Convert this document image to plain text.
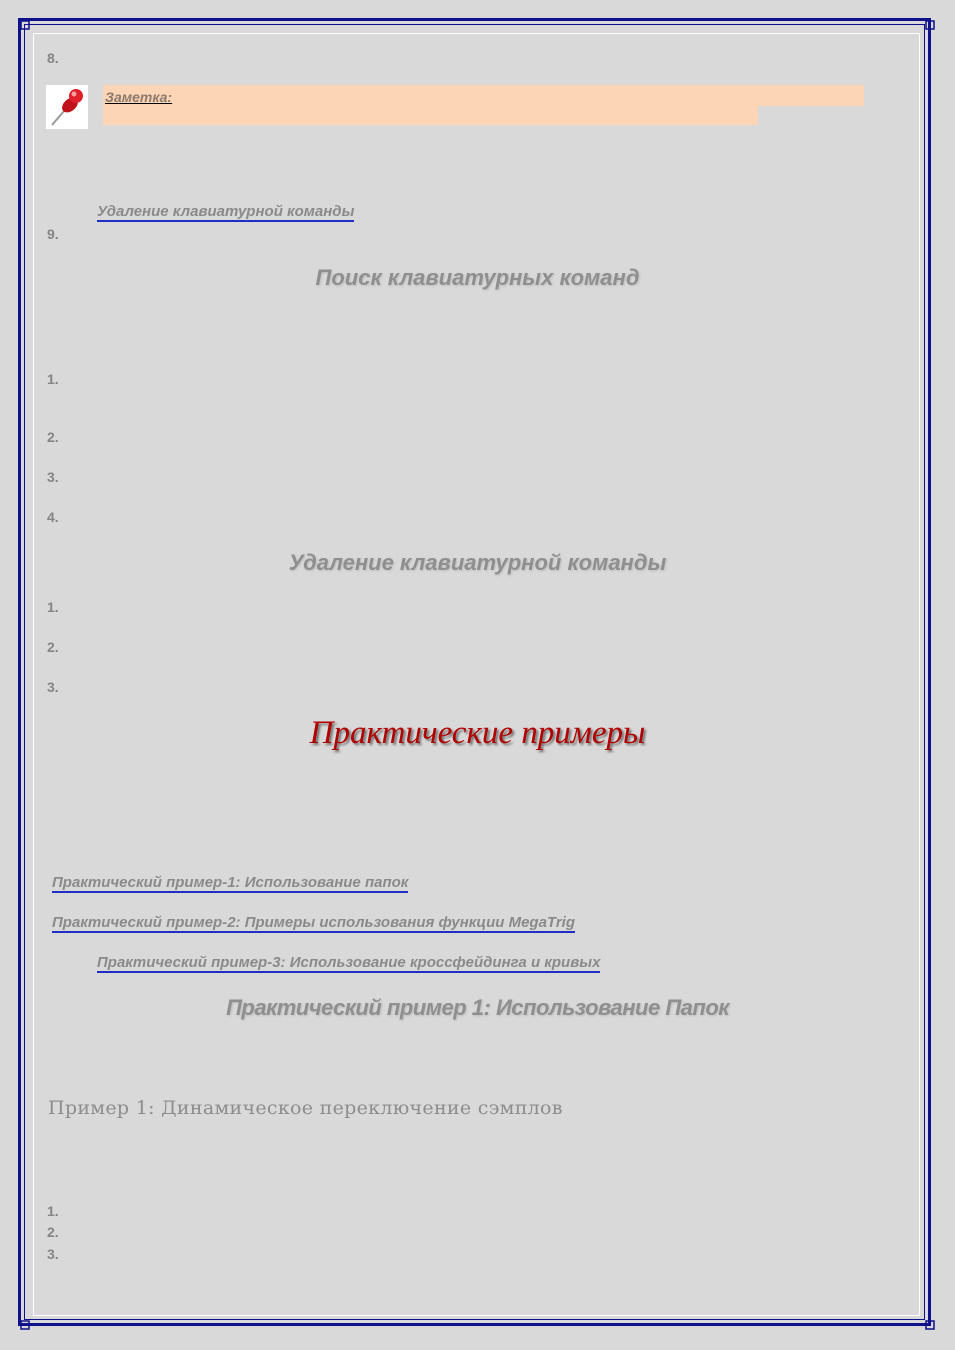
8.
Заметка:
Удаление клавиатурной команды
9.
Поиск клавиатурных команд
1.
2.
3.
4.
Удаление клавиатурной команды
1.
2.
3.
Практические примеры
Практический пример-1: Использование папок
Практический пример-2: Примеры использования функции MegaTrig
Практический пример-3: Использование кроссфейдинга и кривых
Практический пример 1: Использование Папок
Пример 1: Динамическое переключение сэмплов
1.
2.
3.
